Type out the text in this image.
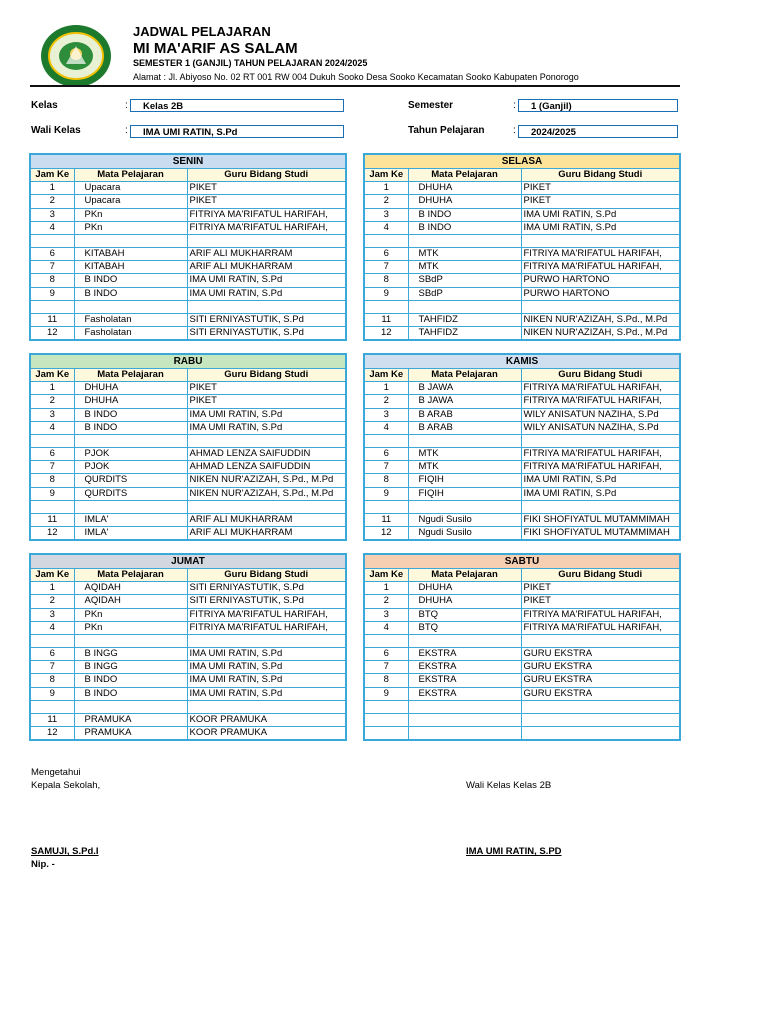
JADWAL PELAJARAN
MI MA'ARIF AS SALAM
SEMESTER 1 (GANJIL) TAHUN PELAJARAN 2024/2025
Alamat : Jl. Abiyoso No. 02 RT 001 RW 004 Dukuh Sooko Desa Sooko Kecamatan Sooko Kabupaten Ponorogo
Kelas	:	Kelas 2B
Wali Kelas	:	IMA UMI RATIN, S.Pd
Semester	:	1 (Ganjil)
Tahun Pelajaran	:	2024/2025
SENIN		
Jam Ke	Mata Pelajaran	Guru Bidang Studi
1	Upacara	PIKET
2	Upacara	PIKET
3	PKn	FITRIYA MA'RIFATUL HARIFAH,
4	PKn	FITRIYA MA'RIFATUL HARIFAH,

6	KITABAH	ARIF ALI MUKHARRAM
7	KITABAH	ARIF ALI MUKHARRAM
8	B INDO	IMA UMI RATIN, S.Pd
9	B INDO	IMA UMI RATIN, S.Pd

11	Fasholatan	SITI ERNIYASTUTIK, S.Pd
12	Fasholatan	SITI ERNIYASTUTIK, S.Pd
SELASA		
Jam Ke	Mata Pelajaran	Guru Bidang Studi
1	DHUHA	PIKET
2	DHUHA	PIKET
3	B INDO	IMA UMI RATIN, S.Pd
4	B INDO	IMA UMI RATIN, S.Pd

6	MTK	FITRIYA MA'RIFATUL HARIFAH,
7	MTK	FITRIYA MA'RIFATUL HARIFAH,
8	SBdP	PURWO HARTONO
9	SBdP	PURWO HARTONO

11	TAHFIDZ	NIKEN NUR'AZIZAH, S.Pd., M.Pd
12	TAHFIDZ	NIKEN NUR'AZIZAH, S.Pd., M.Pd
RABU		
Jam Ke	Mata Pelajaran	Guru Bidang Studi
1	DHUHA	PIKET
2	DHUHA	PIKET
3	B INDO	IMA UMI RATIN, S.Pd
4	B INDO	IMA UMI RATIN, S.Pd

6	PJOK	AHMAD LENZA SAIFUDDIN
7	PJOK	AHMAD LENZA SAIFUDDIN
8	QURDITS	NIKEN NUR'AZIZAH, S.Pd., M.Pd
9	QURDITS	NIKEN NUR'AZIZAH, S.Pd., M.Pd

11	IMLA'	ARIF ALI MUKHARRAM
12	IMLA'	ARIF ALI MUKHARRAM
KAMIS		
Jam Ke	Mata Pelajaran	Guru Bidang Studi
1	B JAWA	FITRIYA MA'RIFATUL HARIFAH,
2	B JAWA	FITRIYA MA'RIFATUL HARIFAH,
3	B ARAB	WILY ANISATUN NAZIHA, S.Pd
4	B ARAB	WILY ANISATUN NAZIHA, S.Pd

6	MTK	FITRIYA MA'RIFATUL HARIFAH,
7	MTK	FITRIYA MA'RIFATUL HARIFAH,
8	FIQIH	IMA UMI RATIN, S.Pd
9	FIQIH	IMA UMI RATIN, S.Pd

11	Ngudi Susilo	FIKI SHOFIYATUL MUTAMMIMAH
12	Ngudi Susilo	FIKI SHOFIYATUL MUTAMMIMAH
JUMAT		
Jam Ke	Mata Pelajaran	Guru Bidang Studi
1	AQIDAH	SITI ERNIYASTUTIK, S.Pd
2	AQIDAH	SITI ERNIYASTUTIK, S.Pd
3	PKn	FITRIYA MA'RIFATUL HARIFAH,
4	PKn	FITRIYA MA'RIFATUL HARIFAH,

6	B INGG	IMA UMI RATIN, S.Pd
7	B INGG	IMA UMI RATIN, S.Pd
8	B INDO	IMA UMI RATIN, S.Pd
9	B INDO	IMA UMI RATIN, S.Pd

11	PRAMUKA	KOOR PRAMUKA
12	PRAMUKA	KOOR PRAMUKA
SABTU		
Jam Ke	Mata Pelajaran	Guru Bidang Studi
1	DHUHA	PIKET
2	DHUHA	PIKET
3	BTQ	FITRIYA MA'RIFATUL HARIFAH,
4	BTQ	FITRIYA MA'RIFATUL HARIFAH,

6	EKSTRA	GURU EKSTRA
7	EKSTRA	GURU EKSTRA
8	EKSTRA	GURU EKSTRA
9	EKSTRA	GURU EKSTRA

Mengetahui
Kepala Sekolah,	Wali Kelas Kelas 2B
SAMUJI, S.Pd.I
Nip. -
IMA UMI RATIN, S.PD
